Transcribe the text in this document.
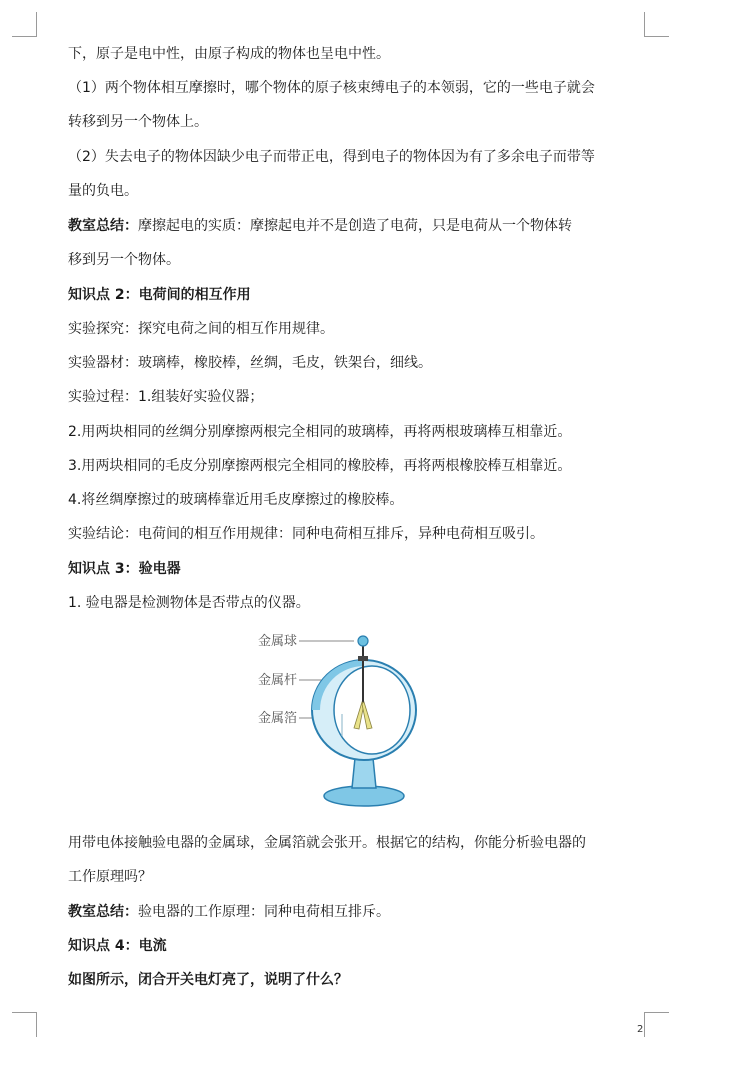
下，原子是电中性，由原子构成的物体也呈电中性。
（1）两个物体相互摩擦时，哪个物体的原子核束缚电子的本领弱，它的一些电子就会
转移到另一个物体上。
（2）失去电子的物体因缺少电子而带正电，得到电子的物体因为有了多余电子而带等
量的负电。
教室总结：摩擦起电的实质：摩擦起电并不是创造了电荷，只是电荷从一个物体转
移到另一个物体。
知识点 2：电荷间的相互作用
实验探究：探究电荷之间的相互作用规律。
实验器材：玻璃棒，橡胶棒，丝绸，毛皮，铁架台，细线。
实验过程：1.组装好实验仪器；
2.用两块相同的丝绸分别摩擦两根完全相同的玻璃棒，再将两根玻璃棒互相靠近。
3.用两块相同的毛皮分别摩擦两根完全相同的橡胶棒，再将两根橡胶棒互相靠近。
4.将丝绸摩擦过的玻璃棒靠近用毛皮摩擦过的橡胶棒。
实验结论：电荷间的相互作用规律：同种电荷相互排斥，异种电荷相互吸引。
知识点 3：验电器
1. 验电器是检测物体是否带点的仪器。
金属球
金属杆
金属箔
用带电体接触验电器的金属球，金属箔就会张开。根据它的结构，你能分析验电器的
工作原理吗？
教室总结：验电器的工作原理：同种电荷相互排斥。
知识点 4：电流
如图所示，闭合开关电灯亮了，说明了什么？
2
